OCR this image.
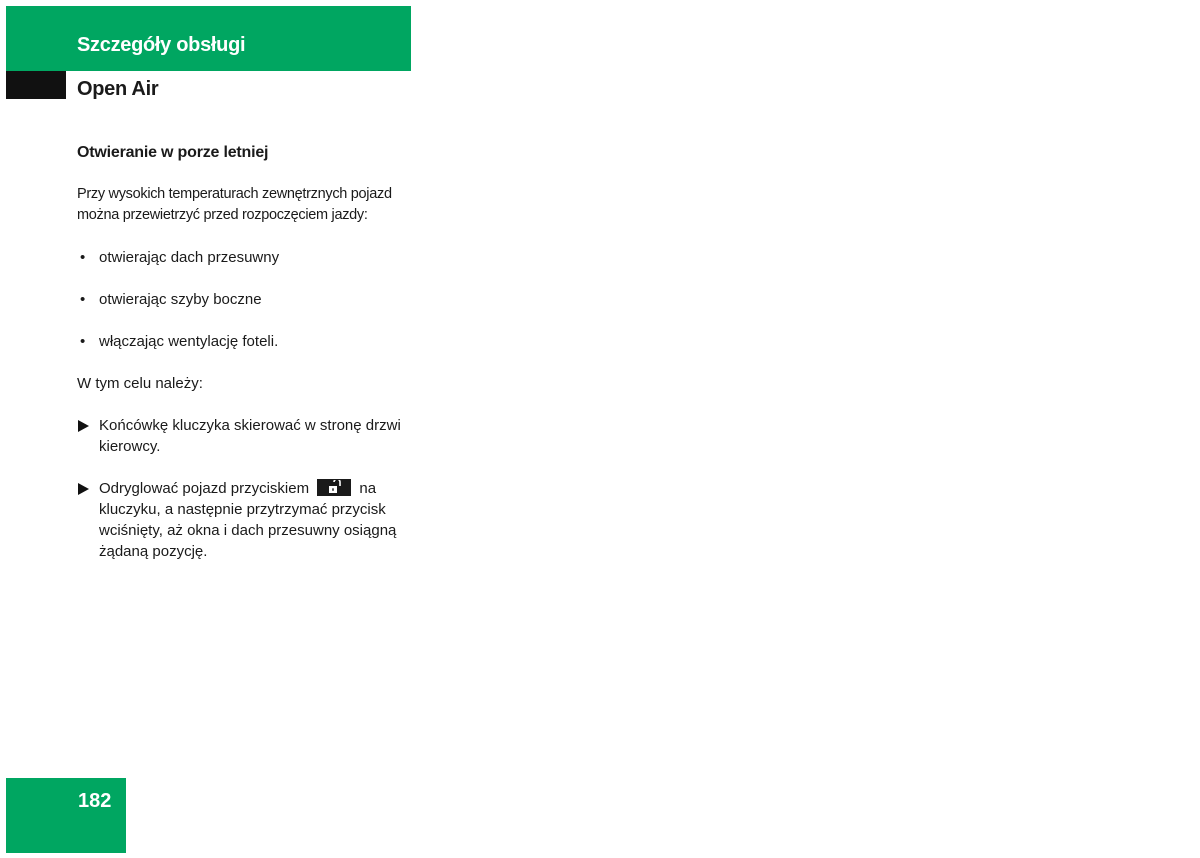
Szczegóły obsługi
Open Air
Otwieranie w porze letniej

Przy wysokich temperaturach zewnętrznych pojazd można przewietrzyć przed rozpoczęciem jazdy:

• otwierając dach przesuwny
• otwierając szyby boczne
• włączając wentylację foteli.

W tym celu należy:

Końcówkę kluczyka skierować w stronę drzwi kierowcy.
Odryglować pojazd przyciskiem	na kluczyku, a następnie przytrzymać przycisk wciśnięty, aż okna i dach przesuwny osiągną żądaną pozycję.

182
